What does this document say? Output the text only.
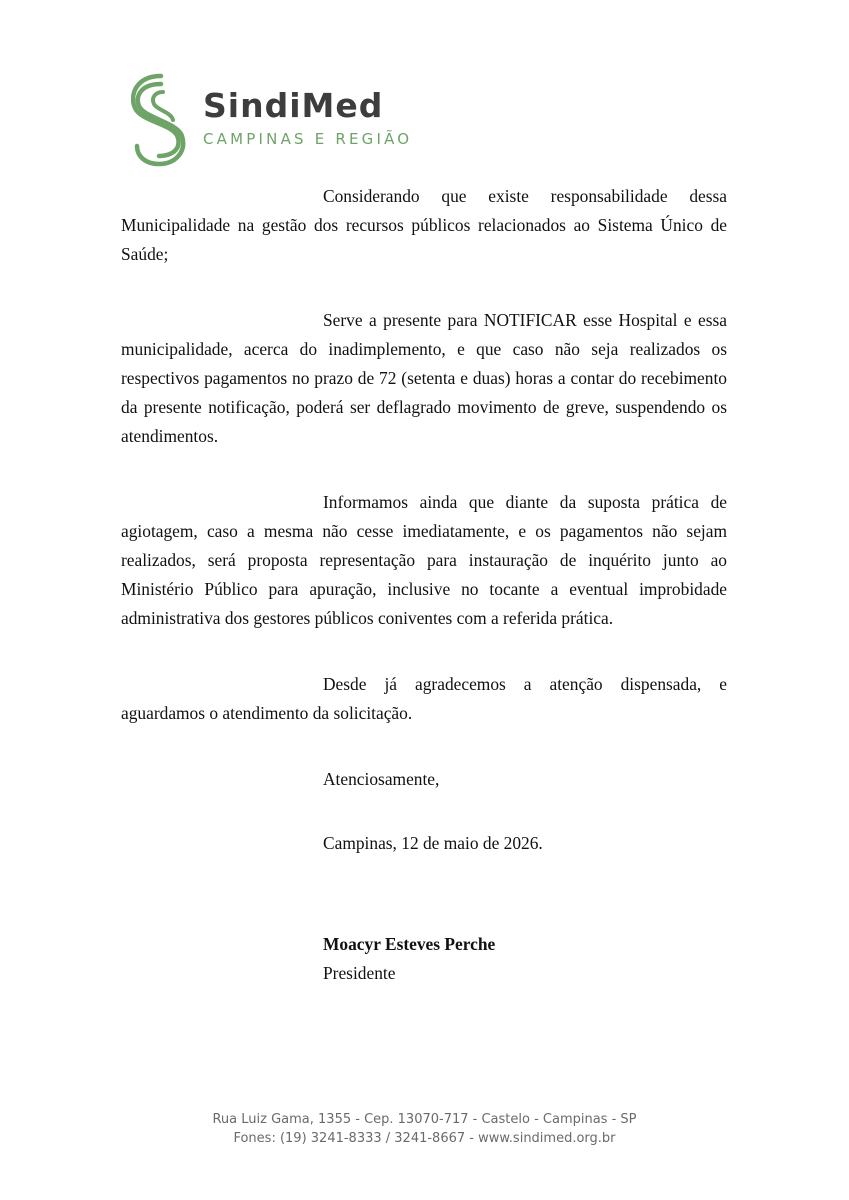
SindiMed
CAMPINAS E REGIÃO

Considerando que existe responsabilidade dessa Municipalidade na gestão dos recursos públicos relacionados ao Sistema Único de Saúde;

Serve a presente para NOTIFICAR esse Hospital e essa municipalidade, acerca do inadimplemento, e que caso não seja realizados os respectivos pagamentos no prazo de 72 (setenta e duas) horas a contar do recebimento da presente notificação, poderá ser deflagrado movimento de greve, suspendendo os atendimentos.

Informamos ainda que diante da suposta prática de agiotagem, caso a mesma não cesse imediatamente, e os pagamentos não sejam realizados, será proposta representação para instauração de inquérito junto ao Ministério Público para apuração, inclusive no tocante a eventual improbidade administrativa dos gestores públicos coniventes com a referida prática.

Desde já agradecemos a atenção dispensada, e aguardamos o atendimento da solicitação.

Atenciosamente,

Campinas, 12 de maio de 2026.

Moacyr Esteves Perche

Presidente

Rua Luiz Gama, 1355 - Cep. 13070-717 - Castelo - Campinas - SP
Fones: (19) 3241-8333 / 3241-8667 - www.sindimed.org.br
